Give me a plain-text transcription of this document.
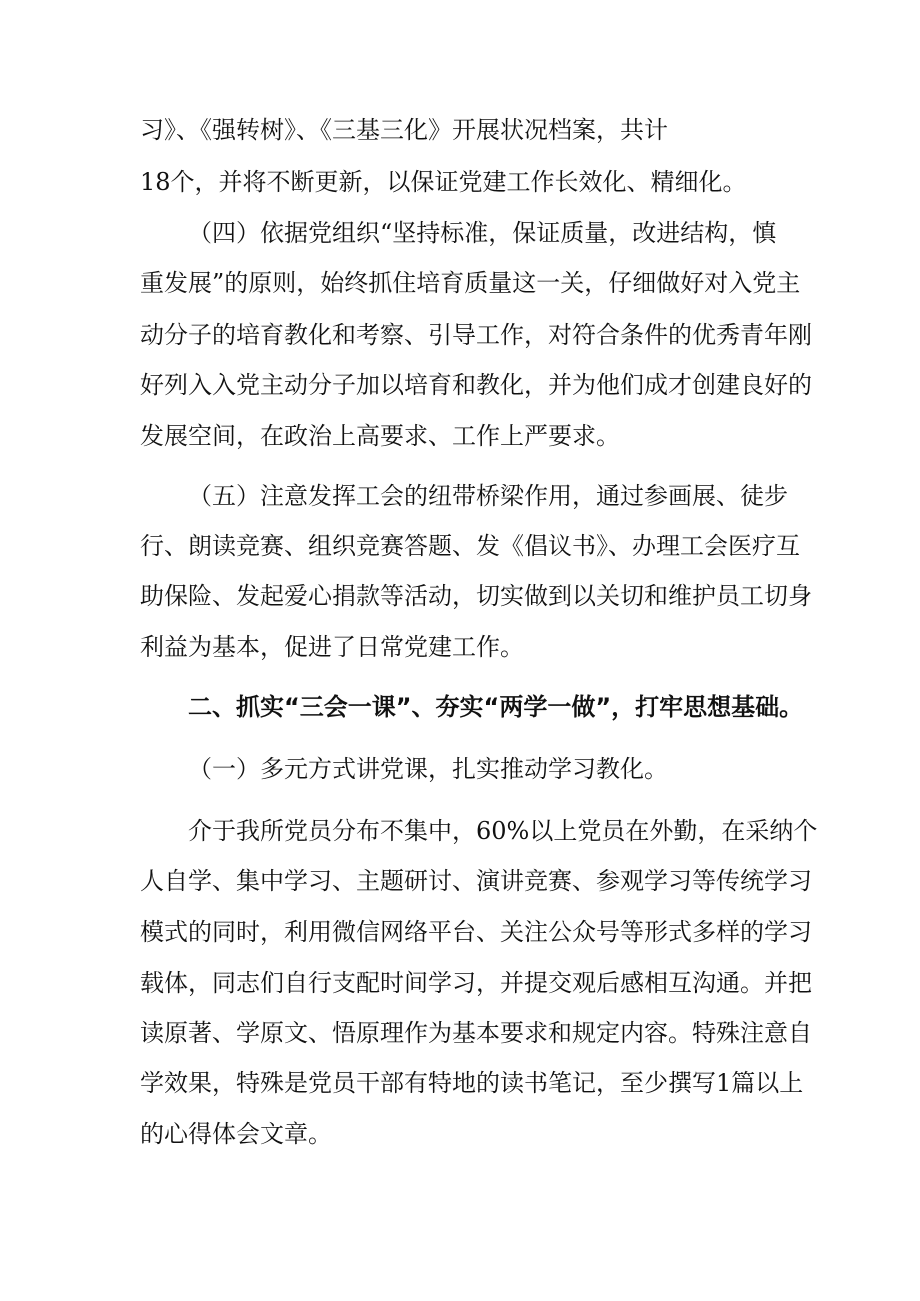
习》、《强转树》、《三基三化》开展状况档案，共计
18个，并将不断更新，以保证党建工作长效化、精细化。
（四）依据党组织“坚持标准，保证质量，改进结构，慎
重发展”的原则，始终抓住培育质量这一关，仔细做好对入党主
动分子的培育教化和考察、引导工作，对符合条件的优秀青年刚
好列入入党主动分子加以培育和教化，并为他们成才创建良好的
发展空间，在政治上高要求、工作上严要求。
（五）注意发挥工会的纽带桥梁作用，通过参画展、徒步
行、朗读竞赛、组织竞赛答题、发《倡议书》、办理工会医疗互
助保险、发起爱心捐款等活动，切实做到以关切和维护员工切身
利益为基本，促进了日常党建工作。
二、抓实“三会一课”、夯实“两学一做”，打牢思想基础。
（一）多元方式讲党课，扎实推动学习教化。
介于我所党员分布不集中，60%以上党员在外勤，在采纳个
人自学、集中学习、主题研讨、演讲竞赛、参观学习等传统学习
模式的同时，利用微信网络平台、关注公众号等形式多样的学习
载体，同志们自行支配时间学习，并提交观后感相互沟通。并把
读原著、学原文、悟原理作为基本要求和规定内容。特殊注意自
学效果，特殊是党员干部有特地的读书笔记，至少撰写1篇以上
的心得体会文章。
